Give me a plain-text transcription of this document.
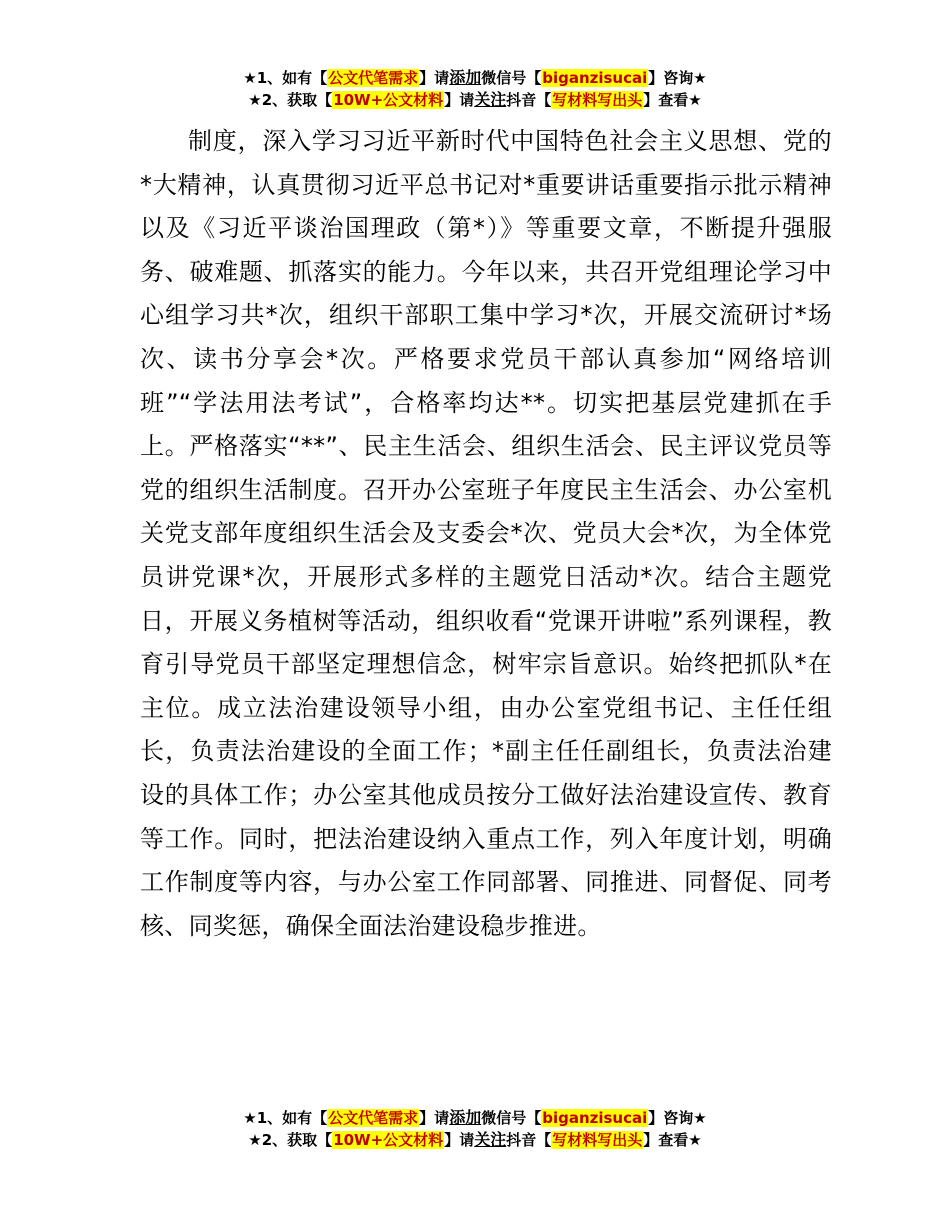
★1、如有【公文代笔需求】请添加微信号【biganzisucai】咨询★
★2、获取【10W+公文材料】请关注抖音【写材料写出头】查看★

制度，深入学习习近平新时代中国特色社会主义思想、党的*大精神，认真贯彻习近平总书记对*重要讲话重要指示批示精神以及《习近平谈治国理政（第*）》等重要文章，不断提升强服务、破难题、抓落实的能力。今年以来，共召开党组理论学习中心组学习共*次，组织干部职工集中学习*次，开展交流研讨*场次、读书分享会*次。严格要求党员干部认真参加“网络培训班”“学法用法考试”，合格率均达**。切实把基层党建抓在手上。严格落实“**”、民主生活会、组织生活会、民主评议党员等党的组织生活制度。召开办公室班子年度民主生活会、办公室机关党支部年度组织生活会及支委会*次、党员大会*次，为全体党员讲党课*次，开展形式多样的主题党日活动*次。结合主题党日，开展义务植树等活动，组织收看“党课开讲啦”系列课程，教育引导党员干部坚定理想信念，树牢宗旨意识。始终把抓队*在主位。成立法治建设领导小组，由办公室党组书记、主任任组长，负责法治建设的全面工作；*副主任任副组长，负责法治建设的具体工作；办公室其他成员按分工做好法治建设宣传、教育等工作。同时，把法治建设纳入重点工作，列入年度计划，明确工作制度等内容，与办公室工作同部署、同推进、同督促、同考核、同奖惩，确保全面法治建设稳步推进。

★1、如有【公文代笔需求】请添加微信号【biganzisucai】咨询★
★2、获取【10W+公文材料】请关注抖音【写材料写出头】查看★
